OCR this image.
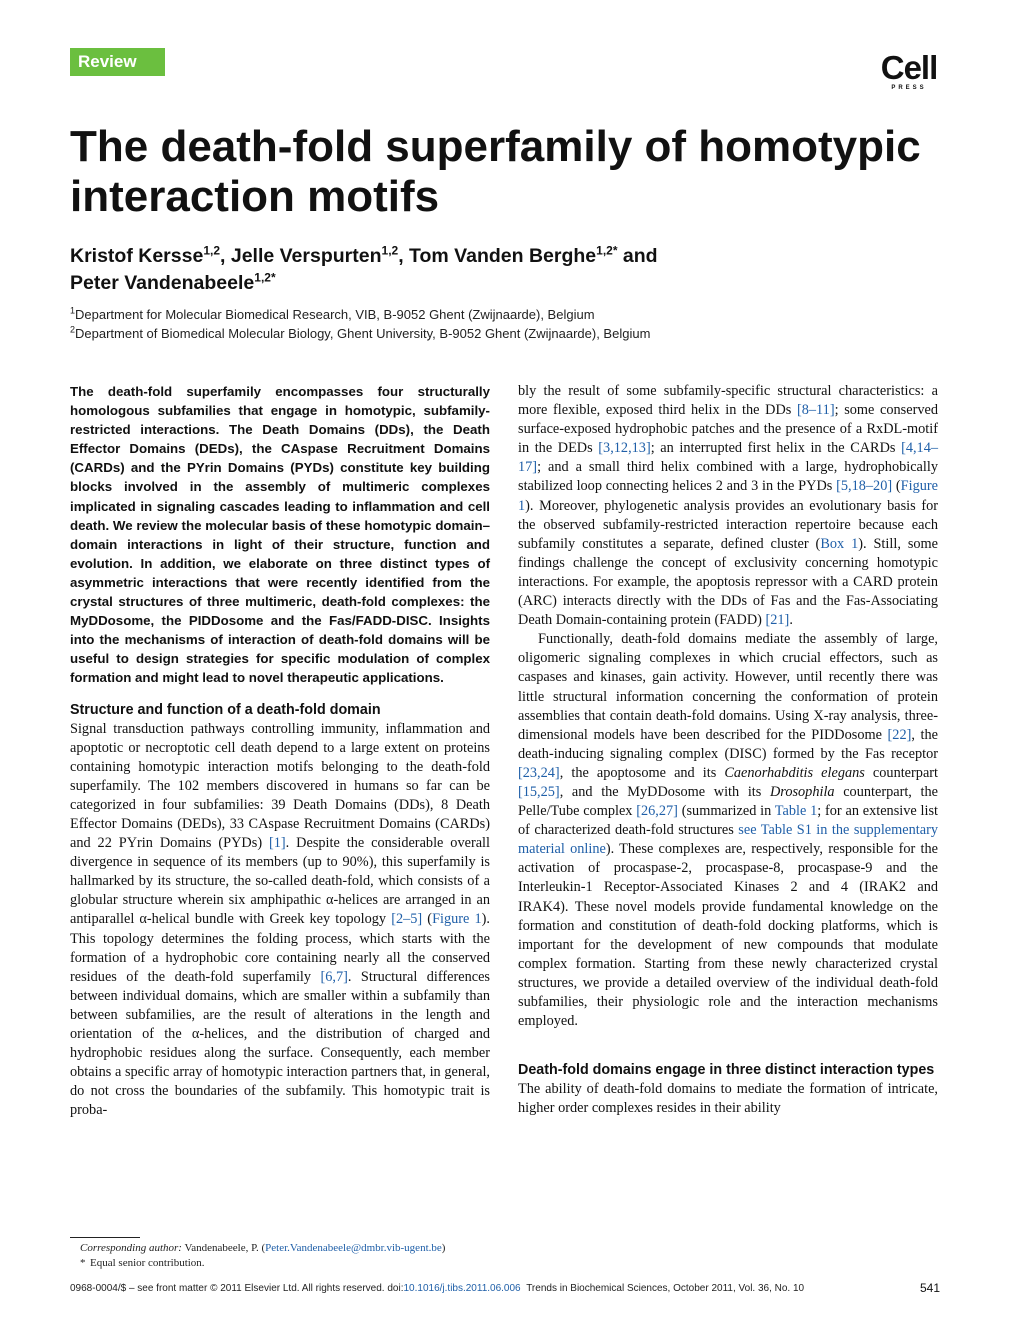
Review	Cell
PRESS
The death-fold superfamily of homotypic interaction motifs
Kristof Kersse$^{1,2}$, Jelle Verspurten$^{1,2}$, Tom Vanden Berghe$^{1,2*}$ and
Peter Vandenabeele$^{1,2*}$
$^1$Department for Molecular Biomedical Research, VIB, B-9052 Ghent (Zwijnaarde), Belgium
$^2$Department of Biomedical Molecular Biology, Ghent University, B-9052 Ghent (Zwijnaarde), Belgium

The death-fold superfamily encompasses four structurally homologous subfamilies that engage in homotypic, subfamily-restricted interactions. The Death Domains (DDs), the Death Effector Domains (DEDs), the CAspase Recruitment Domains (CARDs) and the PYrin Domains (PYDs) constitute key building blocks involved in the assembly of multimeric complexes implicated in signaling cascades leading to inflammation and cell death. We review the molecular basis of these homotypic domain–domain interactions in light of their structure, function and evolution. In addition, we elaborate on three distinct types of asymmetric interactions that were recently identified from the crystal structures of three multimeric, death-fold complexes: the MyDDosome, the PIDDosome and the Fas/FADD-DISC. Insights into the mechanisms of interaction of death-fold domains will be useful to design strategies for specific modulation of complex formation and might lead to novel therapeutic applications.

Structure and function of a death-fold domain

Signal transduction pathways controlling immunity, inflammation and apoptotic or necroptotic cell death depend to a large extent on proteins containing homotypic interaction motifs belonging to the death-fold superfamily. The 102 members discovered in humans so far can be categorized in four subfamilies: 39 Death Domains (DDs), 8 Death Effector Domains (DEDs), 33 CAspase Recruitment Domains (CARDs) and 22 PYrin Domains (PYDs) [1]. Despite the considerable overall divergence in sequence of its members (up to 90%), this superfamily is hallmarked by its structure, the so-called death-fold, which consists of a globular structure wherein six amphipathic α-helices are arranged in an antiparallel α-helical bundle with Greek key topology [2–5] (Figure 1). This topology determines the folding process, which starts with the formation of a hydrophobic core containing nearly all the conserved residues of the death-fold superfamily [6,7]. Structural differences between individual domains, which are smaller within a subfamily than between subfamilies, are the result of alterations in the length and orientation of the α-helices, and the distribution of charged and hydrophobic residues along the surface. Consequently, each member obtains a specific array of homotypic interaction partners that, in general, do not cross the boundaries of the subfamily. This homotypic trait is proba-

bly the result of some subfamily-specific structural characteristics: a more flexible, exposed third helix in the DDs [8–11]; some conserved surface-exposed hydrophobic patches and the presence of a RxDL-motif in the DEDs [3,12,13]; an interrupted first helix in the CARDs [4,14–17]; and a small third helix combined with a large, hydrophobically stabilized loop connecting helices 2 and 3 in the PYDs [5,18–20] (Figure 1). Moreover, phylogenetic analysis provides an evolutionary basis for the observed subfamily-restricted interaction repertoire because each subfamily constitutes a separate, defined cluster (Box 1). Still, some findings challenge the concept of exclusivity concerning homotypic interactions. For example, the apoptosis repressor with a CARD protein (ARC) interacts directly with the DDs of Fas and the Fas-Associating Death Domain-containing protein (FADD) [21].

Functionally, death-fold domains mediate the assembly of large, oligomeric signaling complexes in which crucial effectors, such as caspases and kinases, gain activity. However, until recently there was little structural information concerning the conformation of protein assemblies that contain death-fold domains. Using X-ray analysis, three-dimensional models have been described for the PIDDosome [22], the death-inducing signaling complex (DISC) formed by the Fas receptor [23,24], the apoptosome and its Caenorhabditis elegans counterpart [15,25], and the MyDDosome with its Drosophila counterpart, the Pelle/Tube complex [26,27] (summarized in Table 1; for an extensive list of characterized death-fold structures see Table S1 in the supplementary material online). These complexes are, respectively, responsible for the activation of procaspase-2, procaspase-8, procaspase-9 and the Interleukin-1 Receptor-Associated Kinases 2 and 4 (IRAK2 and IRAK4). These novel models provide fundamental knowledge on the formation and constitution of death-fold docking platforms, which is important for the development of new compounds that modulate complex formation. Starting from these newly characterized crystal structures, we provide a detailed overview of the individual death-fold subfamilies, their physiologic role and the interaction mechanisms employed.

Death-fold domains engage in three distinct interaction types

The ability of death-fold domains to mediate the formation of intricate, higher order complexes resides in their ability

Corresponding author: Vandenabeele, P. (Peter.Vandenabeele@dmbr.vib-ugent.be)
* Equal senior contribution.
0968-0004/$ – see front matter © 2011 Elsevier Ltd. All rights reserved. doi:10.1016/j.tibs.2011.06.006 Trends in Biochemical Sciences, October 2011, Vol. 36, No. 10	541
